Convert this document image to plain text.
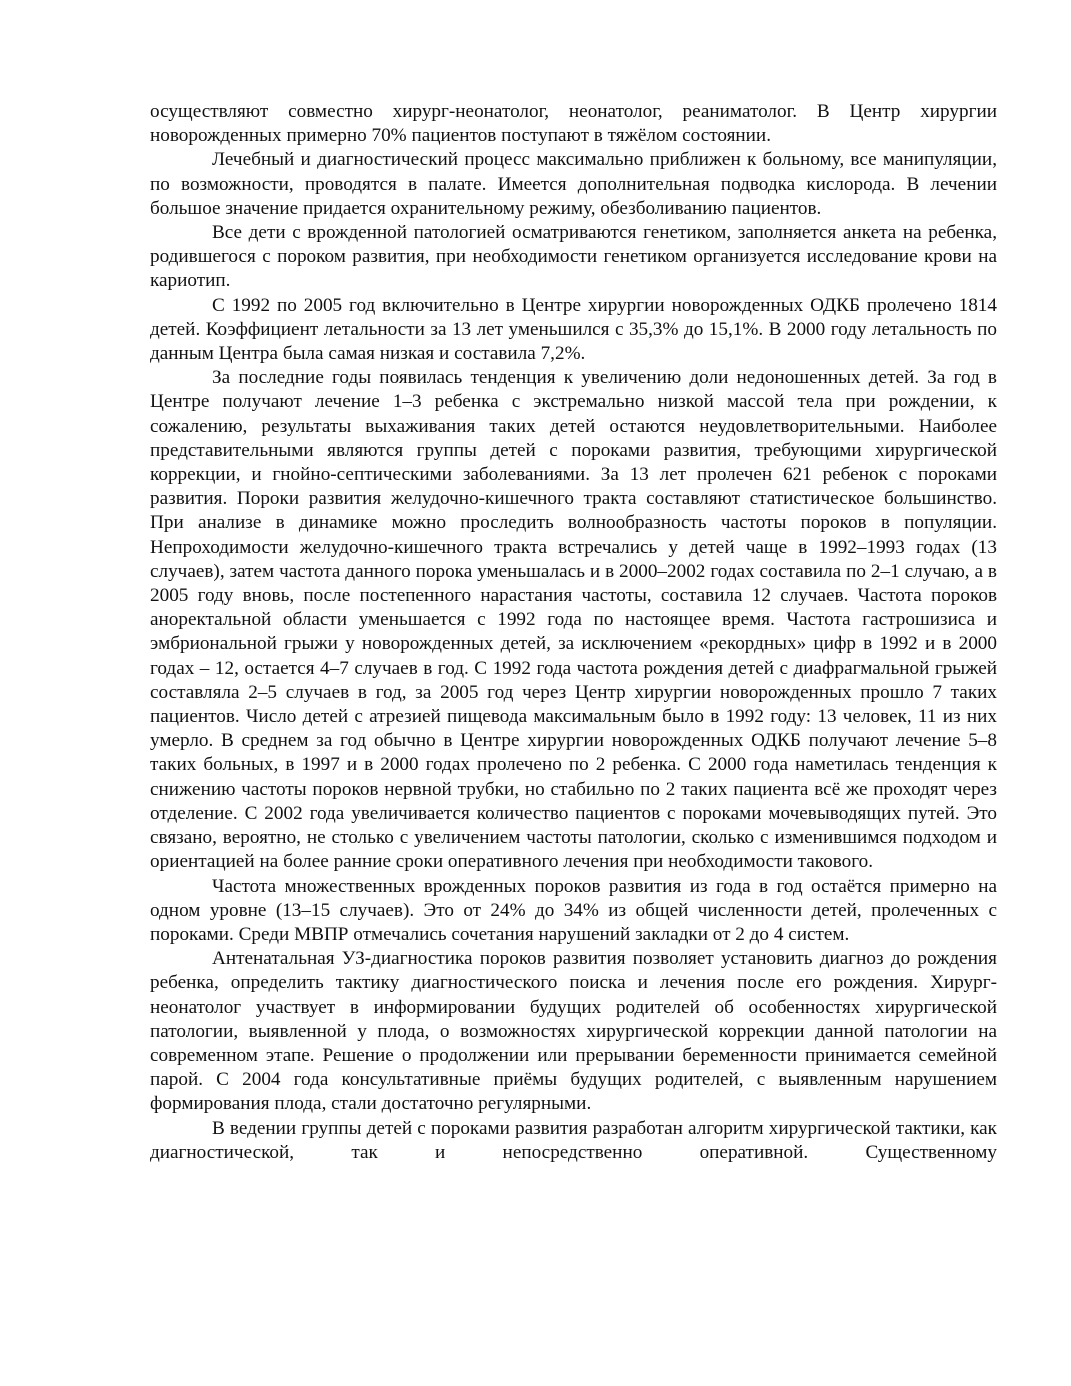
осуществляют совместно хирург-неонатолог, неонатолог, реаниматолог. В Центр хирургии новорожденных примерно 70% пациентов поступают в тяжёлом состоянии.

Лечебный и диагностический процесс максимально приближен к больному, все манипуляции, по возможности, проводятся в палате. Имеется дополнительная подводка кислорода. В лечении большое значение придается охранительному режиму, обезболиванию пациентов.

Все дети с врожденной патологией осматриваются генетиком, заполняется анкета на ребенка, родившегося с пороком развития, при необходимости генетиком организуется исследование крови на кариотип.

С 1992 по 2005 год включительно в Центре хирургии новорожденных ОДКБ пролечено 1814 детей. Коэффициент летальности за 13 лет уменьшился с 35,3% до 15,1%. В 2000 году летальность по данным Центра была самая низкая и составила 7,2%.

За последние годы появилась тенденция к увеличению доли недоношенных детей. За год в Центре получают лечение 1–3 ребенка с экстремально низкой массой тела при рождении, к сожалению, результаты выхаживания таких детей остаются неудовлетворительными. Наиболее представительными являются группы детей с пороками развития, требующими хирургической коррекции, и гнойно-септическими заболеваниями. За 13 лет пролечен 621 ребенок с пороками развития. Пороки развития желудочно-кишечного тракта составляют статистическое большинство. При анализе в динамике можно проследить волнообразность частоты пороков в популяции. Непроходимости желудочно-кишечного тракта встречались у детей чаще в 1992–1993 годах (13 случаев), затем частота данного порока уменьшалась и в 2000–2002 годах составила по 2–1 случаю, а в 2005 году вновь, после постепенного нарастания частоты, составила 12 случаев. Частота пороков аноректальной области уменьшается с 1992 года по настоящее время. Частота гастрошизиса и эмбриональной грыжи у новорожденных детей, за исключением «рекордных» цифр в 1992 и в 2000 годах – 12, остается 4–7 случаев в год. С 1992 года частота рождения детей с диафрагмальной грыжей составляла 2–5 случаев в год, за 2005 год через Центр хирургии новорожденных прошло 7 таких пациентов. Число детей с атрезией пищевода максимальным было в 1992 году: 13 человек, 11 из них умерло. В среднем за год обычно в Центре хирургии новорожденных ОДКБ получают лечение 5–8 таких больных, в 1997 и в 2000 годах пролечено по 2 ребенка. С 2000 года наметилась тенденция к снижению частоты пороков нервной трубки, но стабильно по 2 таких пациента всё же проходят через отделение. С 2002 года увеличивается количество пациентов с пороками мочевыводящих путей. Это связано, вероятно, не столько с увеличением частоты патологии, сколько с изменившимся подходом и ориентацией на более ранние сроки оперативного лечения при необходимости такового.

Частота множественных врожденных пороков развития из года в год остаётся примерно на одном уровне (13–15 случаев). Это от 24% до 34% из общей численности детей, пролеченных с пороками. Среди МВПР отмечались сочетания нарушений закладки от 2 до 4 систем.

Антенатальная УЗ-диагностика пороков развития позволяет установить диагноз до рождения ребенка, определить тактику диагностического поиска и лечения после его рождения. Хирург-неонатолог участвует в информировании будущих родителей об особенностях хирургической патологии, выявленной у плода, о возможностях хирургической коррекции данной патологии на современном этапе. Решение о продолжении или прерывании беременности принимается семейной парой. С 2004 года консультативные приёмы будущих родителей, с выявленным нарушением формирования плода, стали достаточно регулярными.

В ведении группы детей с пороками развития разработан алгоритм хирургической тактики, как диагностической, так и непосредственно оперативной. Существенному
